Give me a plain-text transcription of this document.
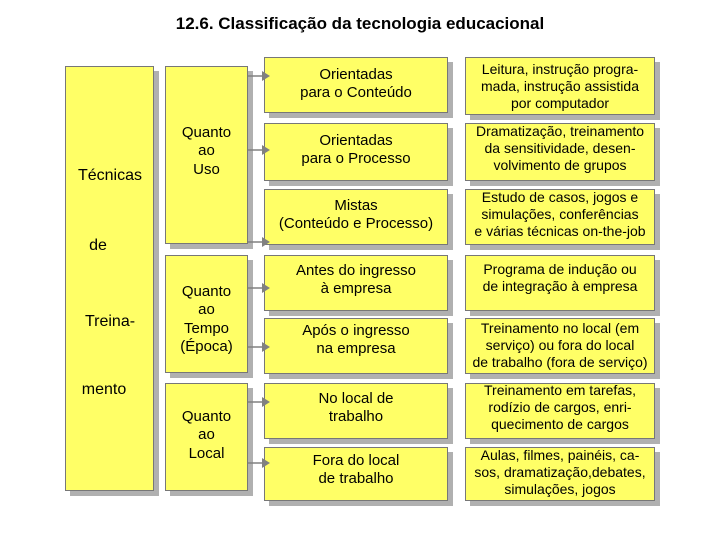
12.6. Classificação da tecnologia educacional
Técnicas
de
Treina-
mento
Quanto
ao
Uso
Quanto
ao
Tempo
(Época)
Quanto
ao
Local
Orientadas
para o Conteúdo
Orientadas
para o Processo
Mistas
(Conteúdo e Processo)
Antes do ingresso
à empresa
Após o ingresso
na empresa
No local de
trabalho
Fora do local
de trabalho
Leitura, instrução progra-
mada, instrução assistida
por computador
Dramatização, treinamento
da sensitividade, desen-
volvimento de grupos
Estudo de casos, jogos e
simulações, conferências
e várias técnicas on-the-job
Programa de indução ou
de integração à empresa
Treinamento no local (em
serviço) ou fora do local
de trabalho (fora de serviço)
Treinamento em tarefas,
rodízio de cargos, enri-
quecimento de cargos
Aulas, filmes, painéis, ca-
sos, dramatização,debates,
simulações, jogos
